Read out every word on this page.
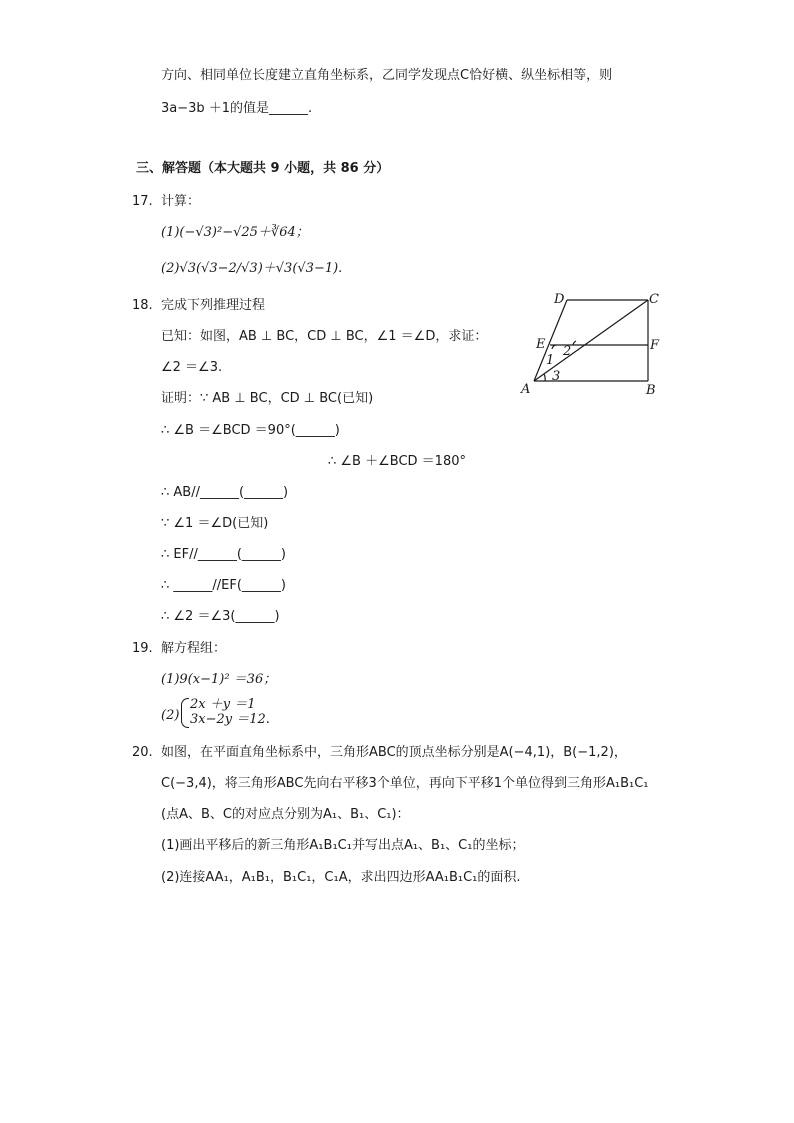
方向、相同单位长度建立直角坐标系，乙同学发现点C恰好横、纵坐标相等，则
3a−3b ＋1的值是______.
三、解答题（本大题共 9 小题，共 86 分）
17. 计算：
(1)(−√3)²−√25＋∛64；
(2)√3(√3−2/√3)＋√3(√3−1).
18. 完成下列推理过程
已知：如图，AB ⊥ BC，CD ⊥ BC，∠1 ＝∠D，求证：
∠2 ＝∠3.
证明：∵ AB ⊥ BC，CD ⊥ BC(已知)
∴ ∠B ＝∠BCD ＝90°(______)
∴ ∠B ＋∠BCD ＝180°
∴ AB//______(______)
∵ ∠1 ＝∠D(已知)
∴ EF//______(______)
∴ ______//EF(______)
∴ ∠2 ＝∠3(______)
D	C
E	F
A	B
1
2
3
19. 解方程组：
(1)9(x−1)² ＝36；
(2)
2x ＋y ＝1
3x−2y ＝12.
20. 如图，在平面直角坐标系中，三角形ABC的顶点坐标分别是A(−4,1)，B(−1,2)，
C(−3,4)，将三角形ABC先向右平移3个单位，再向下平移1个单位得到三角形A₁B₁C₁
(点A、B、C的对应点分别为A₁、B₁、C₁)：
(1)画出平移后的新三角形A₁B₁C₁并写出点A₁、B₁、C₁的坐标；
(2)连接AA₁，A₁B₁，B₁C₁，C₁A，求出四边形AA₁B₁C₁的面积.
